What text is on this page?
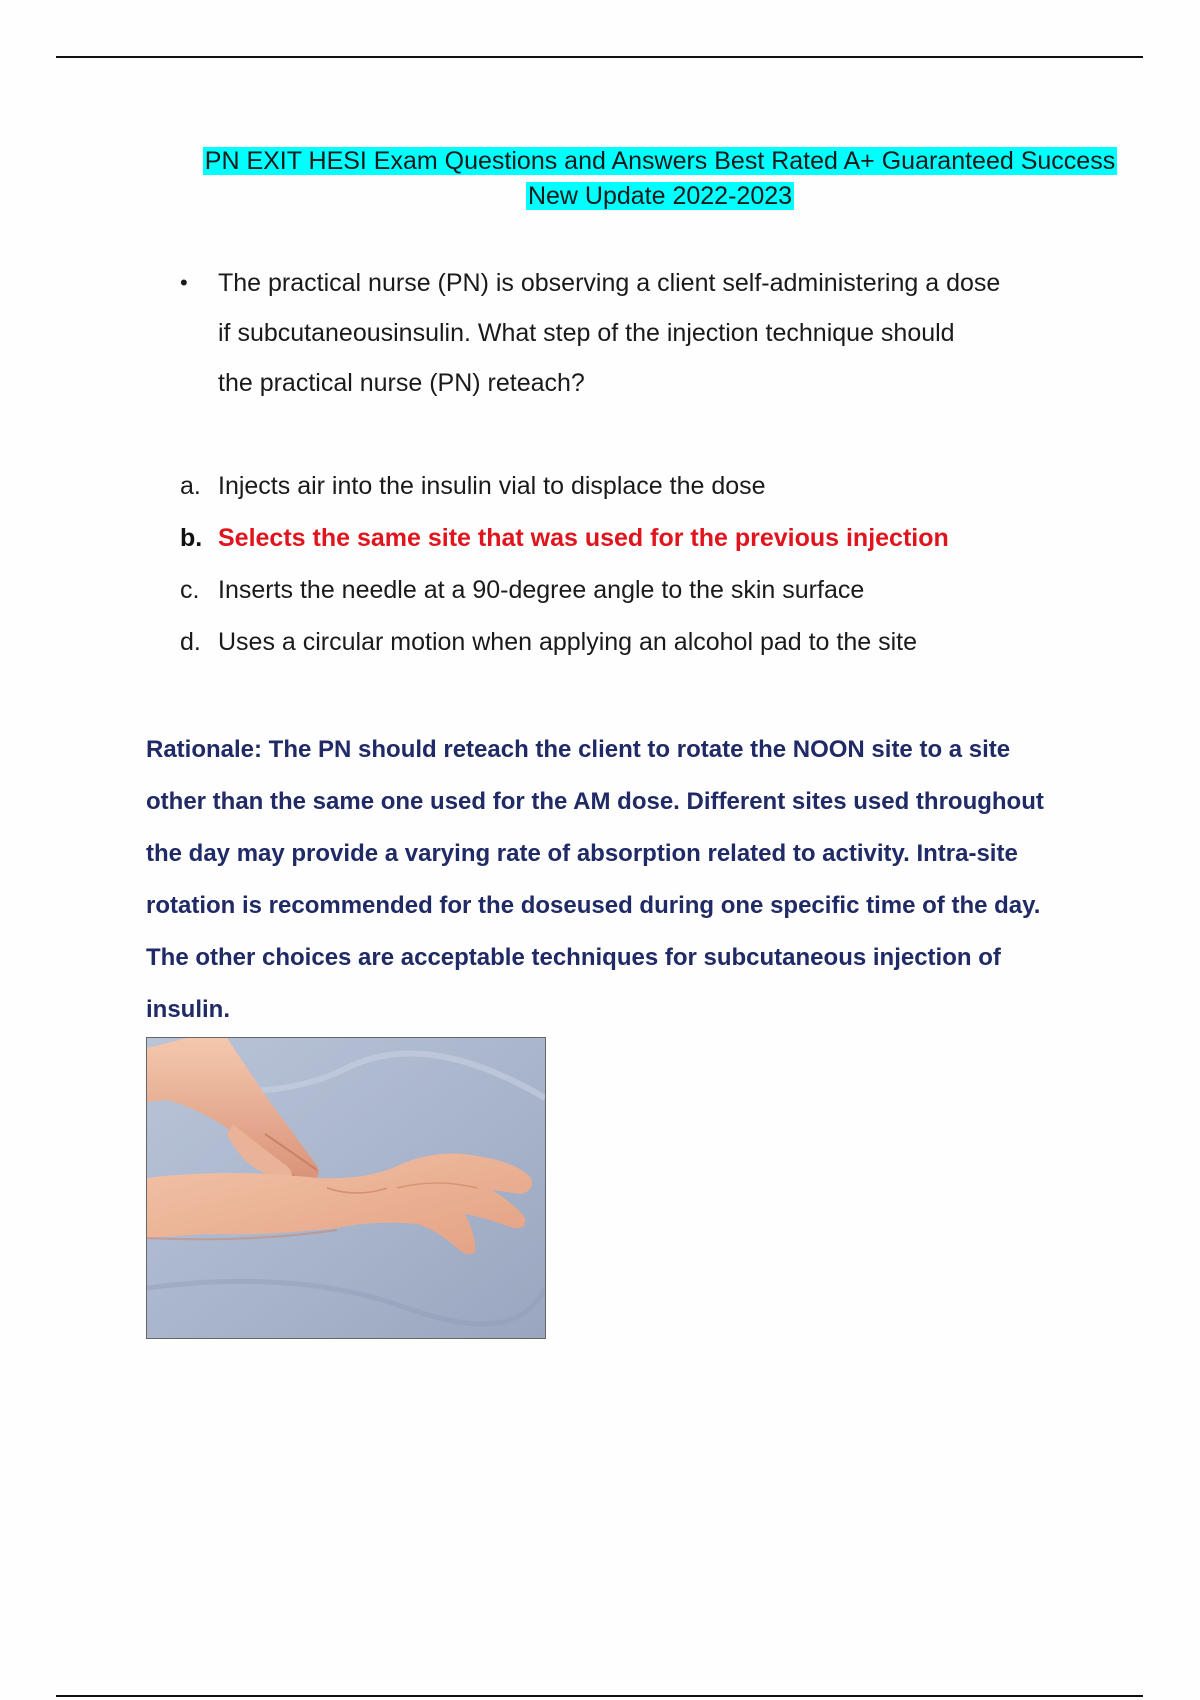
PN EXIT HESI Exam Questions and Answers Best Rated A+ Guaranteed Success
New Update 2022-2023
• The practical nurse (PN) is observing a client self-administering a dose
if subcutaneousinsulin. What step of the injection technique should
the practical nurse (PN) reteach?
a. Injects air into the insulin vial to displace the dose
b. Selects the same site that was used for the previous injection
c. Inserts the needle at a 90-degree angle to the skin surface
d. Uses a circular motion when applying an alcohol pad to the site
Rationale: The PN should reteach the client to rotate the NOON site to a site
other than the same one used for the AM dose. Different sites used throughout
the day may provide a varying rate of absorption related to activity. Intra-site
rotation is recommended for the doseused during one specific time of the day.
The other choices are acceptable techniques for subcutaneous injection of
insulin.
